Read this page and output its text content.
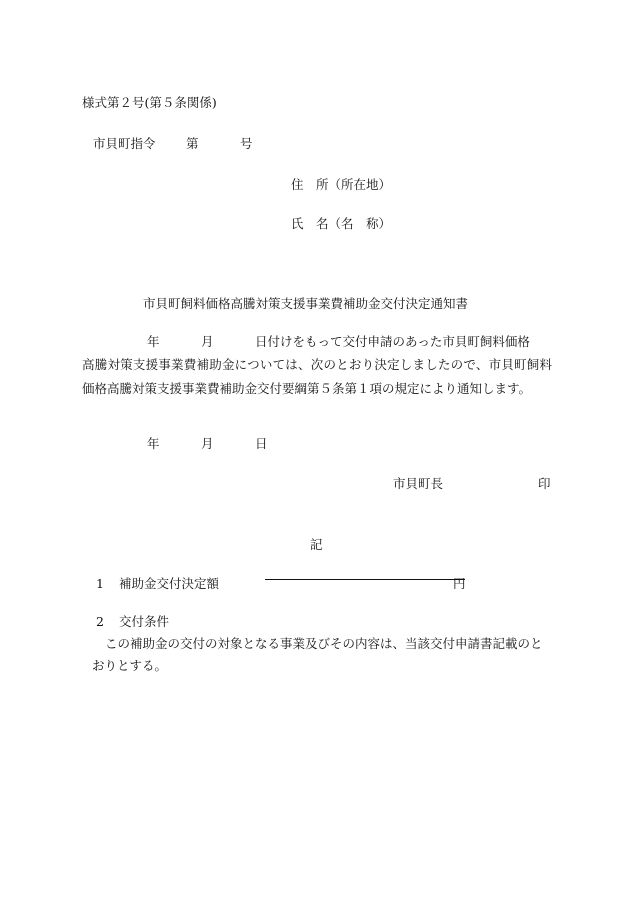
様式第２号(第５条関係)
市貝町指令 第	号
住　所（所在地）
氏　名（名　称）
市貝町飼料価格高騰対策支援事業費補助金交付決定通知書
年	月	日付けをもって交付申請のあった市貝町飼料価格
高騰対策支援事業費補助金については、次のとおり決定しましたので、市貝町飼料価格高騰対策支援事業費補助金交付要綱第５条第１項の規定により通知します。
年	月	日
市貝町長	印
記
1 補助金交付決定額	円
2 交付条件
この補助金の交付の対象となる事業及びその内容は、当該交付申請書記載のとおりとする。
